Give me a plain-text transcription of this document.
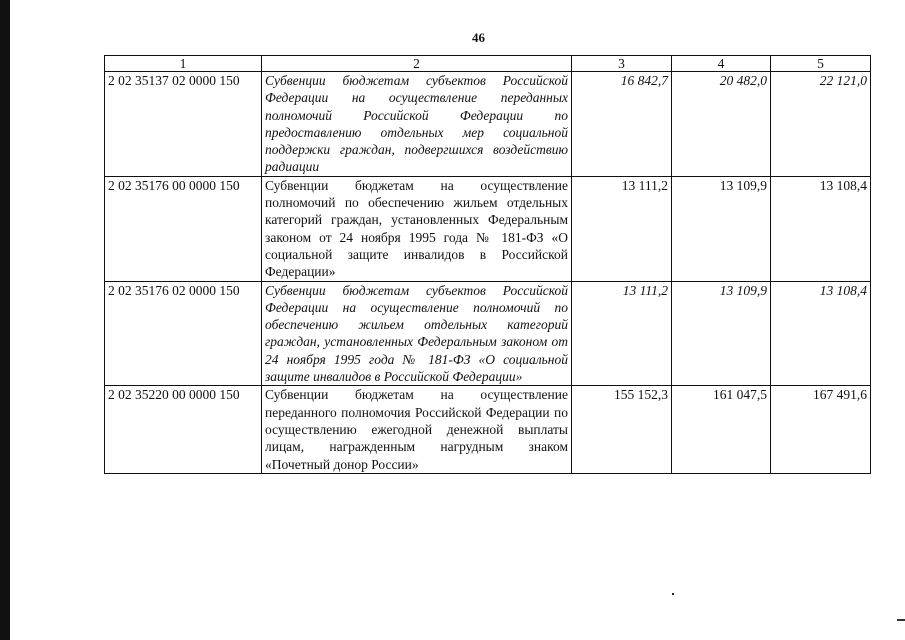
46
1	2	3	4	5
2 02 35137 02 0000 150	Субвенции бюджетам субъектов Российской Федерации на осуществление переданных полномочий Российской Федерации по предоставлению отдельных мер социальной поддержки граждан, подвергшихся воздействию радиации	16 842,7	20 482,0	22 121,0
2 02 35176 00 0000 150	Субвенции бюджетам на осуществление полномочий по обеспечению жильем отдельных категорий граждан, установленных Федеральным законом от 24 ноября 1995 года № 181-ФЗ «О социальной защите инвалидов в Российской Федерации»	13 111,2	13 109,9	13 108,4
2 02 35176 02 0000 150	Субвенции бюджетам субъектов Российской Федерации на осуществление полномочий по обеспечению жильем отдельных категорий граждан, установленных Федеральным законом от 24 ноября 1995 года № 181-ФЗ «О социальной защите инвалидов в Российской Федерации»	13 111,2	13 109,9	13 108,4
2 02 35220 00 0000 150	Субвенции бюджетам на осуществление переданного полномочия Российской Федерации по осуществлению ежегодной денежной выплаты лицам, награжденным нагрудным знаком «Почетный донор России»	155 152,3	161 047,5	167 491,6
